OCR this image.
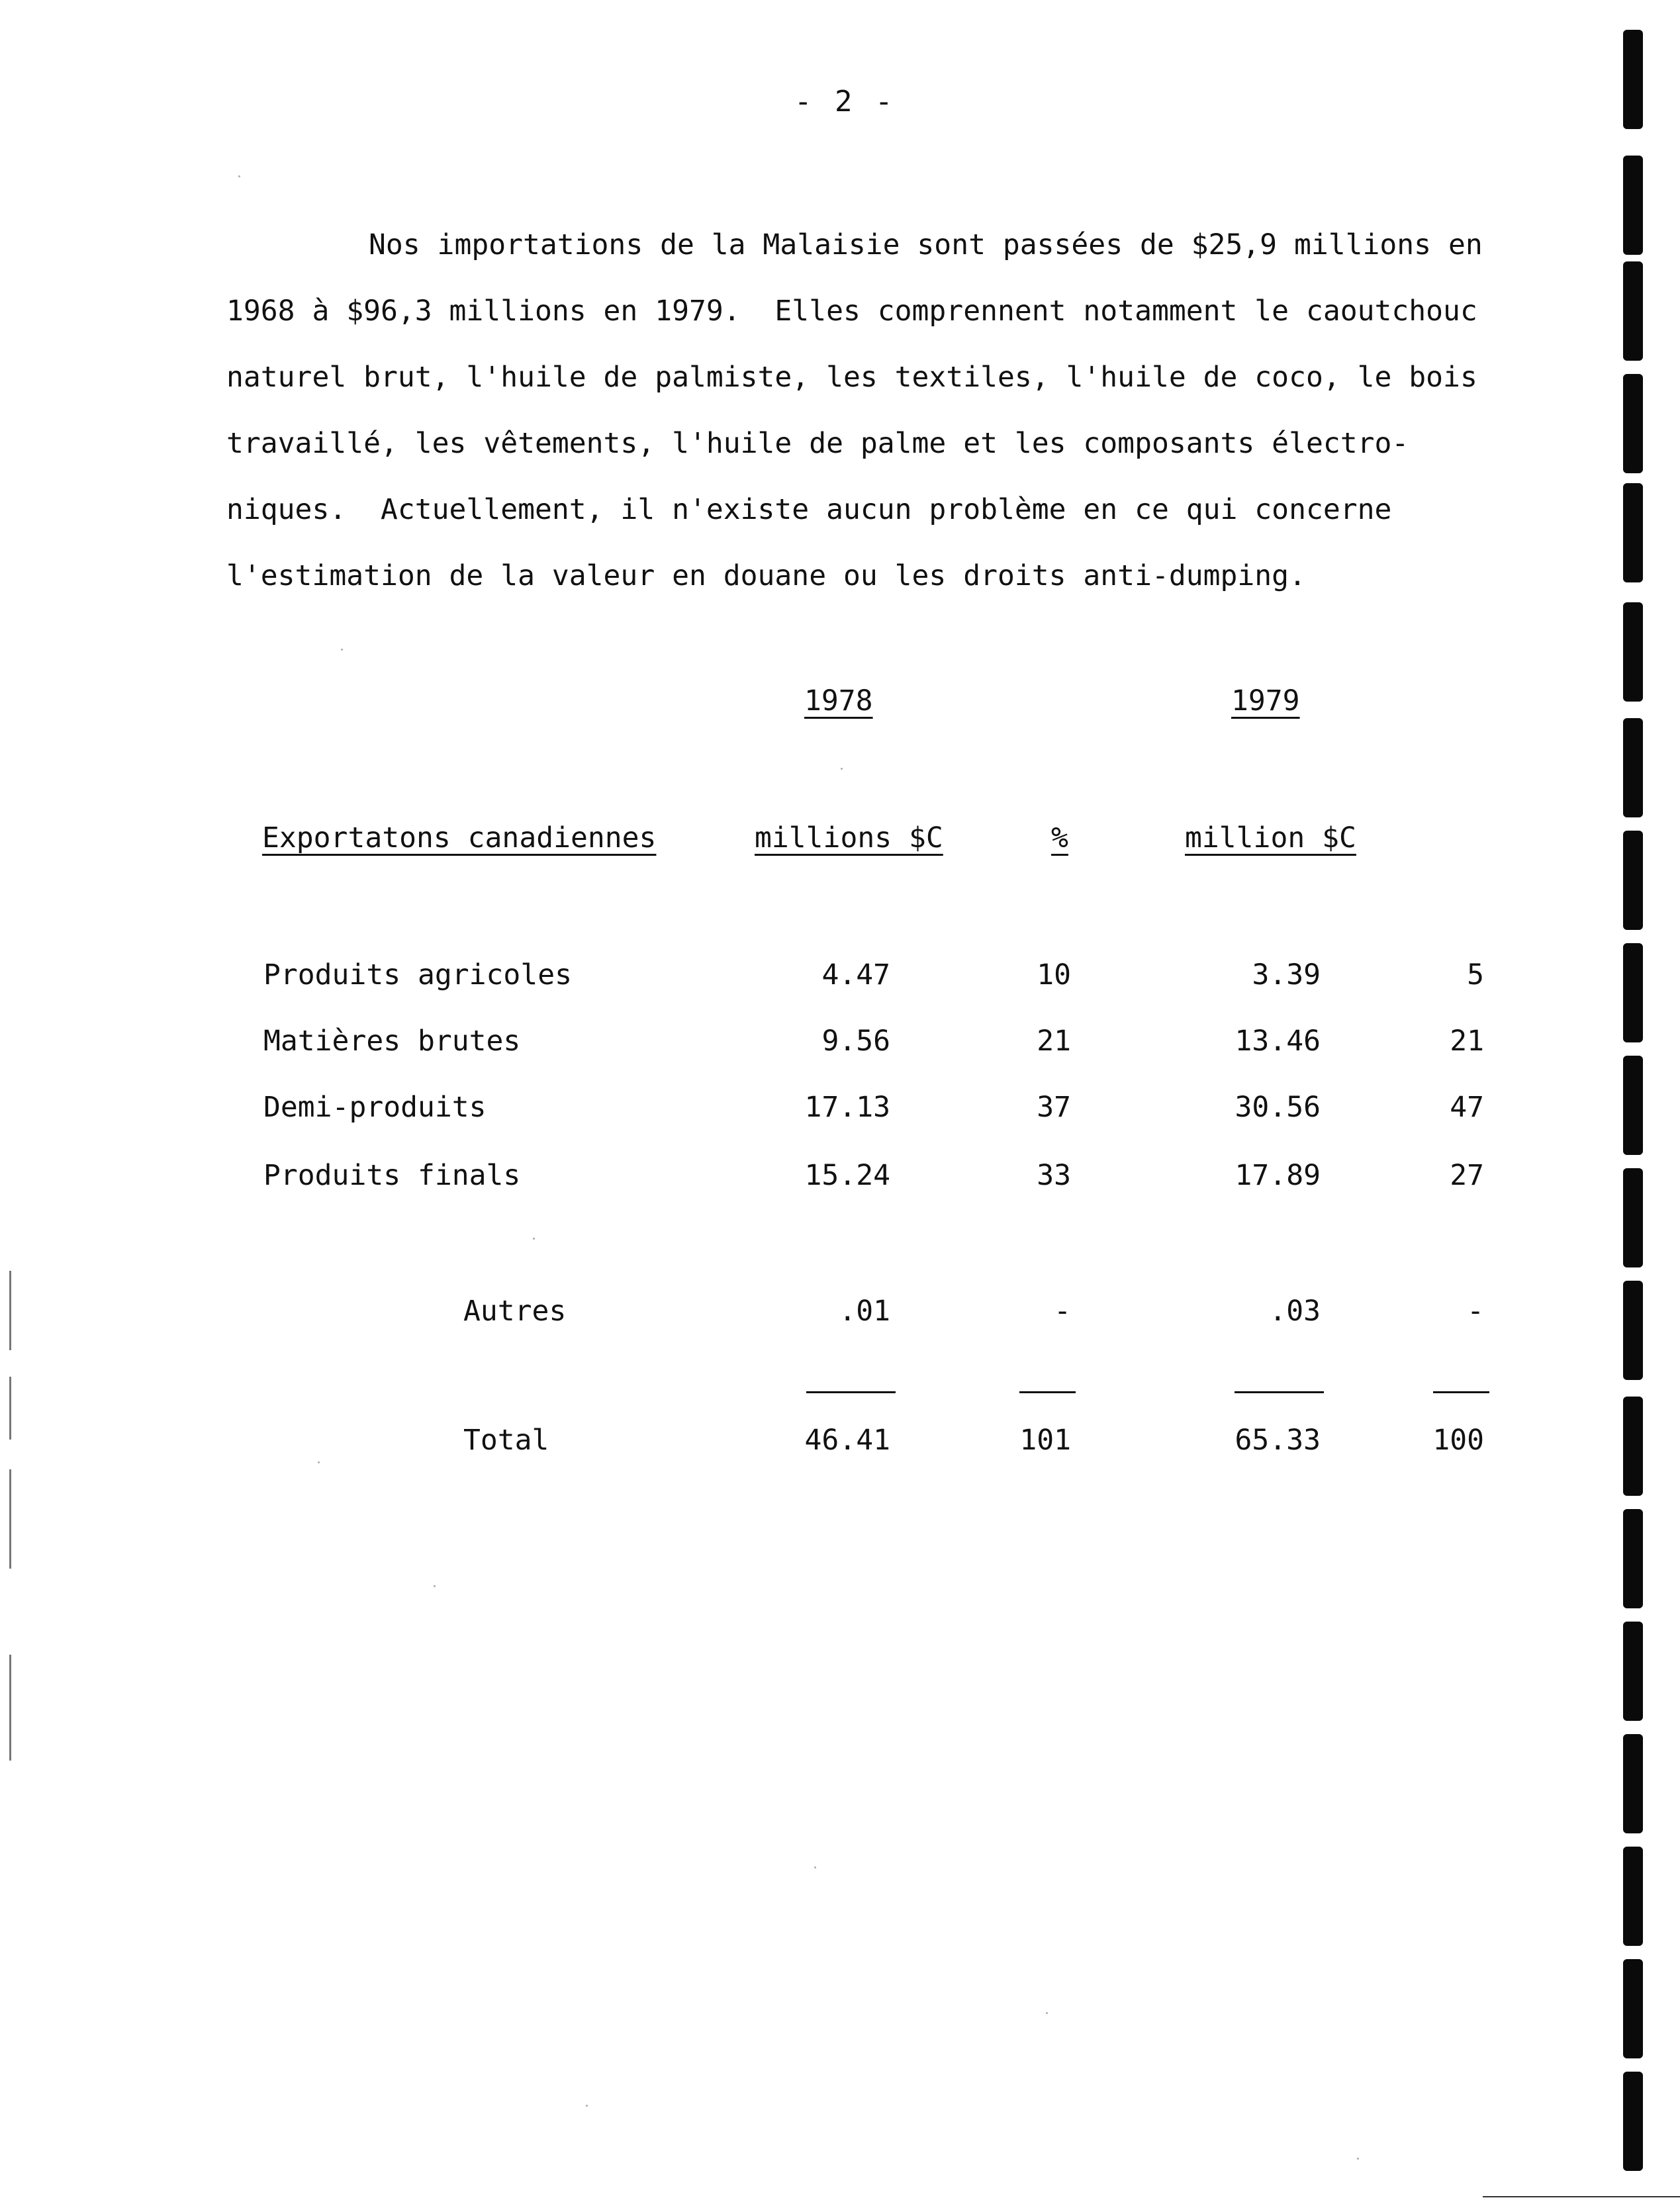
- 2 -

Nos importations de la Malaisie sont passées de $25,9 millions en
1968 à $96,3 millions en 1979.  Elles comprennent notamment le caoutchouc
naturel brut, l'huile de palmiste, les textiles, l'huile de coco, le bois
travaillé, les vêtements, l'huile de palme et les composants électro-
niques.  Actuellement, il n'existe aucun problème en ce qui concerne
l'estimation de la valeur en douane ou les droits anti-dumping.

1978	1979
Exportatons canadiennes	millions $C	%	million $C
Produits agricoles	4.47	10	3.39	5
Matières brutes	9.56	21	13.46	21
Demi-produits	17.13	37	30.56	47
Produits finals	15.24	33	17.89	27
Autres	.01	-	.03	-
Total	46.41	101	65.33	100
